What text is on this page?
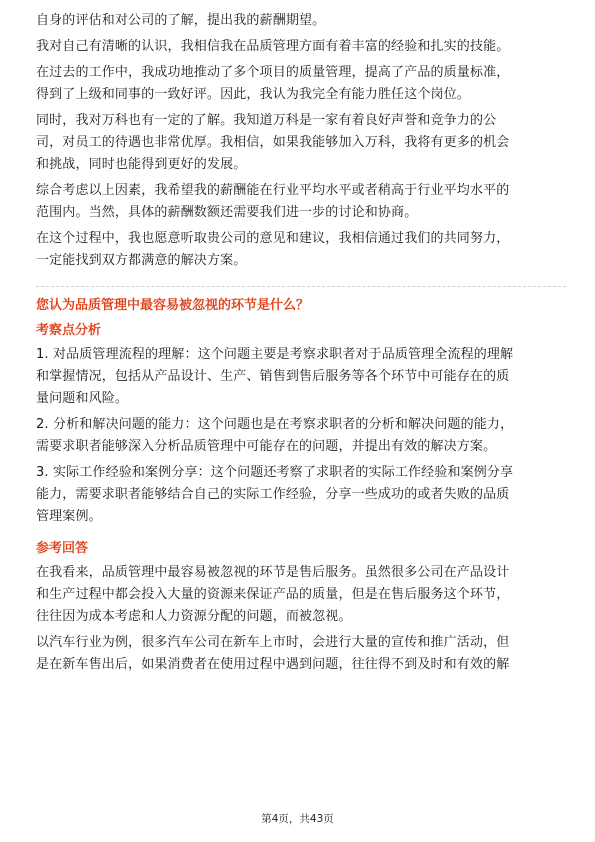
自身的评估和对公司的了解，提出我的薪酬期望。

我对自己有清晰的认识，我相信我在品质管理方面有着丰富的经验和扎实的技能。

在过去的工作中，我成功地推动了多个项目的质量管理，提高了产品的质量标准，
得到了上级和同事的一致好评。因此，我认为我完全有能力胜任这个岗位。

同时，我对万科也有一定的了解。我知道万科是一家有着良好声誉和竞争力的公
司，对员工的待遇也非常优厚。我相信，如果我能够加入万科，我将有更多的机会
和挑战，同时也能得到更好的发展。

综合考虑以上因素，我希望我的薪酬能在行业平均水平或者稍高于行业平均水平的
范围内。当然，具体的薪酬数额还需要我们进一步的讨论和协商。

在这个过程中，我也愿意听取贵公司的意见和建议，我相信通过我们的共同努力，
一定能找到双方都满意的解决方案。

您认为品质管理中最容易被忽视的环节是什么？
考察点分析

1. 对品质管理流程的理解：这个问题主要是考察求职者对于品质管理全流程的理解
和掌握情况，包括从产品设计、生产、销售到售后服务等各个环节中可能存在的质
量问题和风险。

2. 分析和解决问题的能力：这个问题也是在考察求职者的分析和解决问题的能力，
需要求职者能够深入分析品质管理中可能存在的问题，并提出有效的解决方案。

3. 实际工作经验和案例分享：这个问题还考察了求职者的实际工作经验和案例分享
能力，需要求职者能够结合自己的实际工作经验，分享一些成功的或者失败的品质
管理案例。

参考回答

在我看来，品质管理中最容易被忽视的环节是售后服务。虽然很多公司在产品设计
和生产过程中都会投入大量的资源来保证产品的质量，但是在售后服务这个环节，
往往因为成本考虑和人力资源分配的问题，而被忽视。

以汽车行业为例，很多汽车公司在新车上市时，会进行大量的宣传和推广活动，但
是在新车售出后，如果消费者在使用过程中遇到问题，往往得不到及时和有效的解

第4页，共43页
